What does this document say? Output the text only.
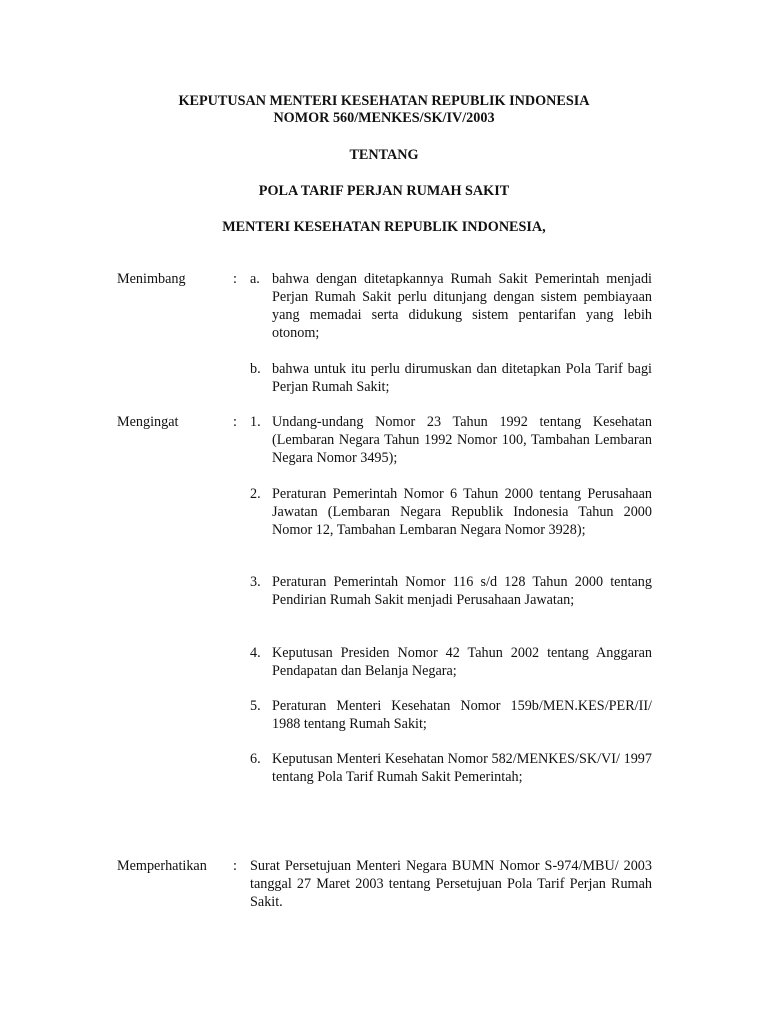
KEPUTUSAN MENTERI KESEHATAN REPUBLIK INDONESIA
NOMOR 560/MENKES/SK/IV/2003
TENTANG
POLA TARIF PERJAN RUMAH SAKIT
MENTERI KESEHATAN REPUBLIK INDONESIA,
Menimbang	: a. bahwa dengan ditetapkannya Rumah Sakit Pemerintah menjadi Perjan Rumah Sakit perlu ditunjang dengan sistem pembiayaan yang memadai serta didukung sistem pentarifan yang lebih otonom;
b. bahwa untuk itu perlu dirumuskan dan ditetapkan Pola Tarif bagi Perjan Rumah Sakit;
Mengingat	: 1. Undang-undang Nomor 23 Tahun 1992 tentang Kesehatan (Lembaran Negara Tahun 1992 Nomor 100, Tambahan Lembaran Negara Nomor 3495);
2. Peraturan Pemerintah Nomor 6 Tahun 2000 tentang Perusahaan Jawatan (Lembaran Negara Republik Indonesia Tahun 2000 Nomor 12, Tambahan Lembaran Negara Nomor 3928);
3. Peraturan Pemerintah Nomor 116 s/d 128 Tahun 2000 tentang Pendirian Rumah Sakit menjadi Perusahaan Jawatan;
4. Keputusan Presiden Nomor 42 Tahun 2002 tentang Anggaran Pendapatan dan Belanja Negara;
5. Peraturan Menteri Kesehatan Nomor 159b/MEN.KES/PER/II/ 1988 tentang Rumah Sakit;
6. Keputusan Menteri Kesehatan Nomor 582/MENKES/SK/VI/ 1997 tentang Pola Tarif Rumah Sakit Pemerintah;
Memperhatikan : Surat Persetujuan Menteri Negara BUMN Nomor S-974/MBU/ 2003 tanggal 27 Maret 2003 tentang Persetujuan Pola Tarif Perjan Rumah Sakit.
